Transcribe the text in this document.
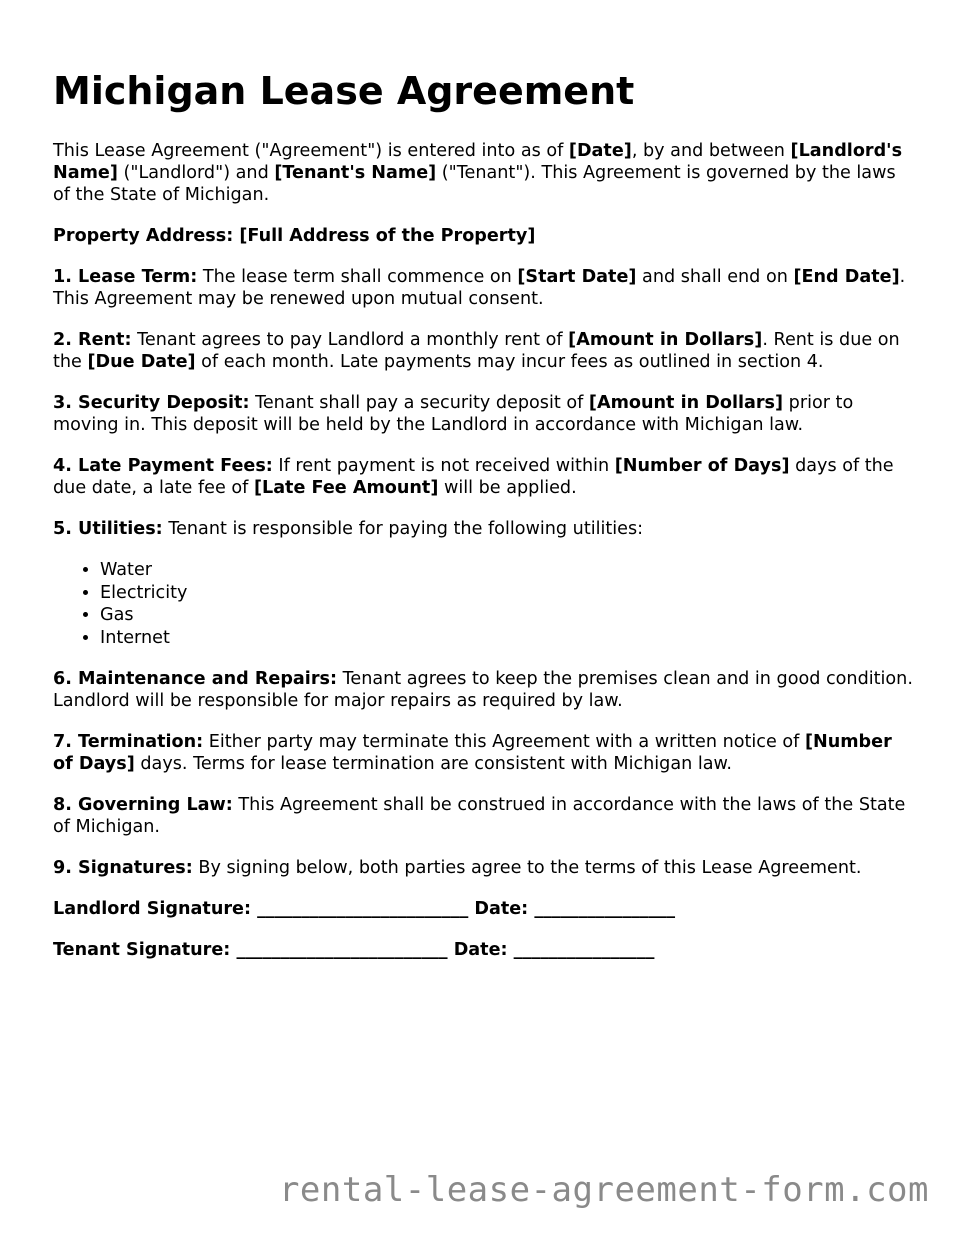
Michigan Lease Agreement

This Lease Agreement ("Agreement") is entered into as of [Date], by and between [Landlord's Name] ("Landlord") and [Tenant's Name] ("Tenant"). This Agreement is governed by the laws of the State of Michigan.

Property Address: [Full Address of the Property]

1. Lease Term: The lease term shall commence on [Start Date] and shall end on [End Date]. This Agreement may be renewed upon mutual consent.

2. Rent: Tenant agrees to pay Landlord a monthly rent of [Amount in Dollars]. Rent is due on the [Due Date] of each month. Late payments may incur fees as outlined in section 4.

3. Security Deposit: Tenant shall pay a security deposit of [Amount in Dollars] prior to moving in. This deposit will be held by the Landlord in accordance with Michigan law.

4. Late Payment Fees: If rent payment is not received within [Number of Days] days of the due date, a late fee of [Late Fee Amount] will be applied.

5. Utilities: Tenant is responsible for paying the following utilities:

• Water
• Electricity
• Gas
• Internet

6. Maintenance and Repairs: Tenant agrees to keep the premises clean and in good condition. Landlord will be responsible for major repairs as required by law.

7. Termination: Either party may terminate this Agreement with a written notice of [Number of Days] days. Terms for lease termination are consistent with Michigan law.

8. Governing Law: This Agreement shall be construed in accordance with the laws of the State of Michigan.

9. Signatures: By signing below, both parties agree to the terms of this Lease Agreement.

Landlord Signature: ________________________ Date: ________________

Tenant Signature: ________________________ Date: ________________

rental-lease-agreement-form.com
